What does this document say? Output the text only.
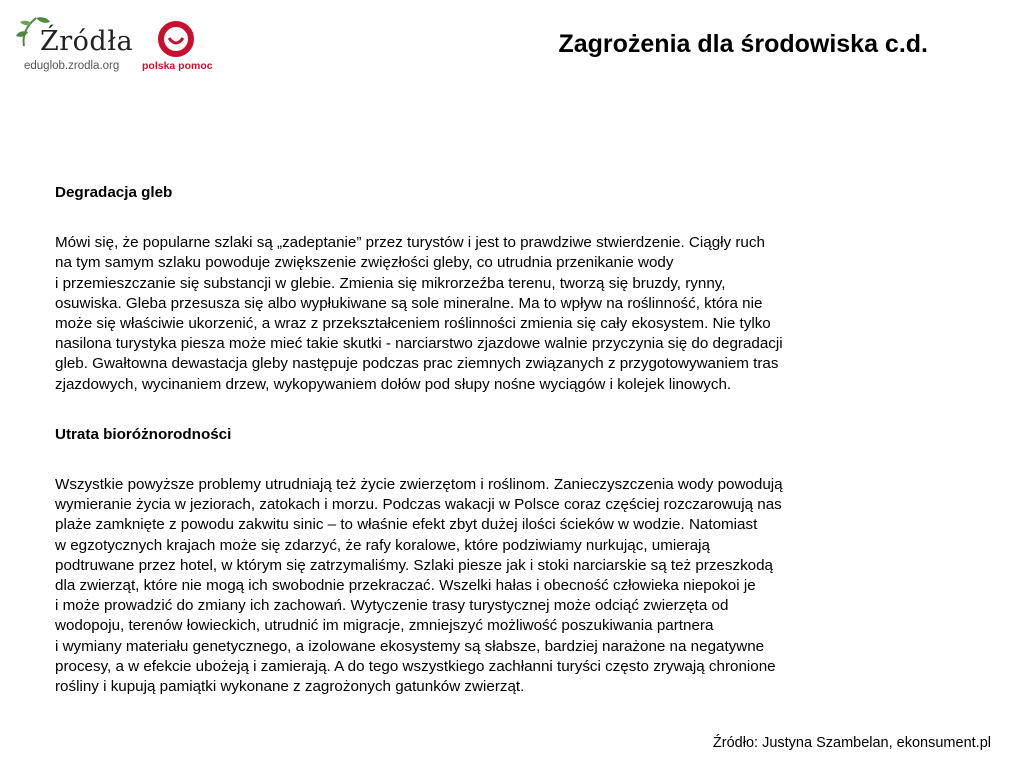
Źródła
eduglob.zrodla.org polska pomoc
Zagrożenia dla środowiska c.d.
Degradacja gleb

Mówi się, że popularne szlaki są „zadeptanie” przez turystów i jest to prawdziwe stwierdzenie. Ciągły ruch
na tym samym szlaku powoduje zwiększenie zwięzłości gleby, co utrudnia przenikanie wody
i przemieszczanie się substancji w glebie. Zmienia się mikrorzeźba terenu, tworzą się bruzdy, rynny,
osuwiska. Gleba przesusza się albo wypłukiwane są sole mineralne. Ma to wpływ na roślinność, która nie
może się właściwie ukorzenić, a wraz z przekształceniem roślinności zmienia się cały ekosystem. Nie tylko
nasilona turystyka piesza może mieć takie skutki - narciarstwo zjazdowe walnie przyczynia się do degradacji
gleb. Gwałtowna dewastacja gleby następuje podczas prac ziemnych związanych z przygotowywaniem tras
zjazdowych, wycinaniem drzew, wykopywaniem dołów pod słupy nośne wyciągów i kolejek linowych.

Utrata bioróżnorodności

Wszystkie powyższe problemy utrudniają też życie zwierzętom i roślinom. Zanieczyszczenia wody powodują
wymieranie życia w jeziorach, zatokach i morzu. Podczas wakacji w Polsce coraz częściej rozczarowują nas
plaże zamknięte z powodu zakwitu sinic – to właśnie efekt zbyt dużej ilości ścieków w wodzie. Natomiast
w egzotycznych krajach może się zdarzyć, że rafy koralowe, które podziwiamy nurkując, umierają
podtruwane przez hotel, w którym się zatrzymaliśmy. Szlaki piesze jak i stoki narciarskie są też przeszkodą
dla zwierząt, które nie mogą ich swobodnie przekraczać. Wszelki hałas i obecność człowieka niepokoi je
i może prowadzić do zmiany ich zachowań. Wytyczenie trasy turystycznej może odciąć zwierzęta od
wodopoju, terenów łowieckich, utrudnić im migracje, zmniejszyć możliwość poszukiwania partnera
i wymiany materiału genetycznego, a izolowane ekosystemy są słabsze, bardziej narażone na negatywne
procesy, a w efekcie ubożeją i zamierają. A do tego wszystkiego zachłanni turyści często zrywają chronione
rośliny i kupują pamiątki wykonane z zagrożonych gatunków zwierząt.

Źródło: Justyna Szambelan, ekonsument.pl
